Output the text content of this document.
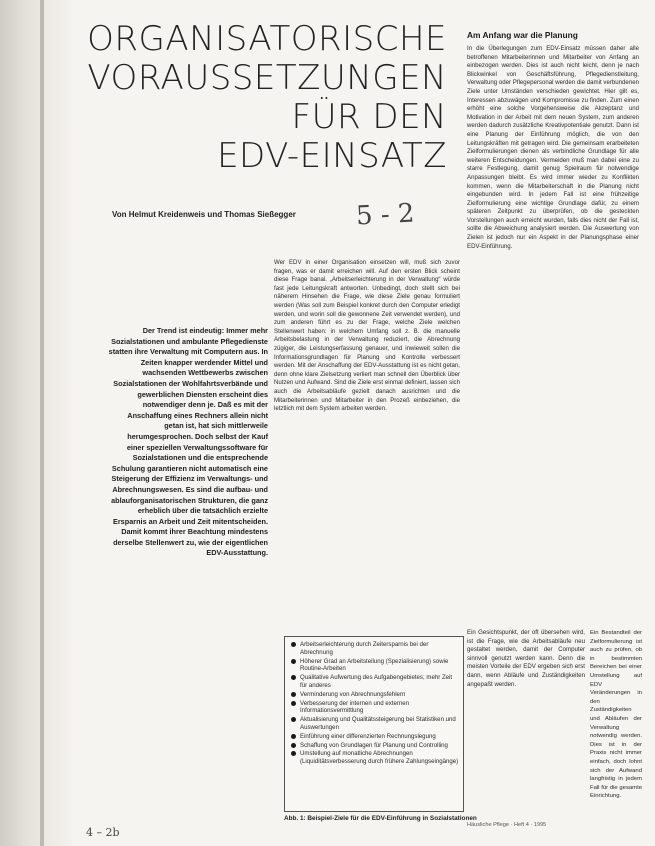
ORGANISATORISCHE
VORAUSSETZUNGEN
FÜR DEN
EDV-EINSATZ
Von Helmut Kreidenweis und Thomas Sießegger 5 - 2
Der Trend ist eindeutig: Immer mehr Sozialstationen und ambulante Pflegedienste statten ihre Verwaltung mit Computern aus. In Zeiten knapper werdender Mittel und wachsenden Wettbewerbs zwischen Sozialstationen der Wohlfahrtsverbände und gewerblichen Diensten erscheint dies notwendiger denn je. Daß es mit der Anschaffung eines Rechners allein nicht getan ist, hat sich mittlerweile herumgesprochen. Doch selbst der Kauf einer speziellen Verwaltungssoftware für Sozialstationen und die entsprechende Schulung garantieren nicht automatisch eine Steigerung der Effizienz im Verwaltungs- und Abrechnungswesen. Es sind die aufbau- und ablauforganisatorischen Strukturen, die ganz erheblich über die tatsächlich erzielte Ersparnis an Arbeit und Zeit mitentscheiden. Damit kommt ihrer Beachtung mindestens derselbe Stellenwert zu, wie der eigentlichen EDV-Ausstattung.
Wer EDV in einer Organisation einsetzen will, muß sich zuvor fragen, was er damit erreichen will. Auf den ersten Blick scheint diese Frage banal. „Arbeitserleichterung in der Verwaltung“ würde fast jede Leitungskraft antworten. Unbedingt, doch stellt sich bei näherem Hinsehen die Frage, wie diese Ziele genau formuliert werden (Was soll zum Beispiel konkret durch den Computer erledigt werden, und worin soll die gewonnene Zeit verwendet werden), und zum anderen führt es zu der Frage, welche Ziele welchen Stellenwert haben: in welchem Umfang soll z. B. die manuelle Arbeitsbelastung in der Verwaltung reduziert, die Abrechnung zügiger, die Leistungserfassung genauer, und inwieweit sollen die Informationsgrundlagen für Planung und Kontrolle verbessert werden. Mit der Anschaffung der EDV-Ausstattung ist es nicht getan, denn ohne klare Zielsetzung verliert man schnell den Überblick über Nutzen und Aufwand. Sind die Ziele erst einmal definiert, lassen sich auch die Arbeitsabläufe gezielt danach ausrichten und die Mitarbeiterinnen und Mitarbeiter in den Prozeß einbeziehen, die letztlich mit dem System arbeiten werden.
Am Anfang war die Planung
In die Überlegungen zum EDV-Einsatz müssen daher alle betroffenen Mitarbeiterinnen und Mitarbeiter von Anfang an einbezogen werden. Dies ist auch nicht leicht, denn je nach Blickwinkel von Geschäftsführung, Pflegedienstleitung, Verwaltung oder Pflegepersonal werden die damit verbundenen Ziele unter Umständen verschieden gewichtet. Hier gilt es, Interessen abzuwägen und Kompromisse zu finden. Zum einen erhöht eine solche Vorgehensweise die Akzeptanz und Motivation in der Arbeit mit dem neuen System, zum anderen werden dadurch zusätzliche Kreativpotentiale genutzt. Dann ist eine Planung der Einführung möglich, die von den Leitungskräften mit getragen wird. Die gemeinsam erarbeiteten Zielformulierungen dienen als verbindliche Grundlage für alle weiteren Entscheidungen. Vermeiden muß man dabei eine zu starre Festlegung, damit genug Spielraum für notwendige Anpassungen bleibt. Es wird immer wieder zu Konflikten kommen, wenn die Mitarbeiterschaft in die Planung nicht eingebunden wird. In jedem Fall ist eine frühzeitige Zielformulierung eine wichtige Grundlage dafür, zu einem späteren Zeitpunkt zu überprüfen, ob die gesteckten Vorstellungen auch erreicht wurden, falls dies nicht der Fall ist, sollte die Abweichung analysiert werden. Die Auswertung von Zielen ist jedoch nur ein Aspekt in der Planungsphase einer EDV-Einführung.
Ein Gesichtspunkt, der oft übersehen wird, ist die Frage, wie die Arbeitsabläufe neu gestaltet werden, damit der Computer sinnvoll genutzt werden kann. Denn die meisten Vorteile der EDV ergeben sich erst dann, wenn Abläufe und Zuständigkeiten angepaßt werden.
Ein Bestandteil der Zielformulierung ist auch zu prüfen, ob in bestimmten Bereichen bei einer Umstellung auf EDV Veränderungen in den Zuständigkeiten und Abläufen der Verwaltung notwendig werden. Dies ist in der Praxis nicht immer einfach, doch lohnt sich der Aufwand langfristig in jedem Fall für die gesamte Einrichtung.
Arbeitserleichterung durch Zeitersparnis bei der Abrechnung
Höherer Grad an Arbeitsteilung (Spezialisierung) sowie Routine-Arbeiten
Qualitative Aufwertung des Aufgabengebietes; mehr Zeit für anderes
Verminderung von Abrechnungsfehlern
Verbesserung der internen und externen Informationsvermittlung
Aktualisierung und Qualitätssteigerung bei Statistiken und Auswertungen
Einführung einer differenzierten Rechnungslegung
Schaffung von Grundlagen für Planung und Controlling
Umstellung auf monatliche Abrechnungen (Liquiditätsverbesserung durch frühere Zahlungseingänge)
Abb. 1: Beispiel-Ziele für die EDV-Einführung in Sozialstationen
Häusliche Pflege · Heft 4 · 1995
4 – 2b
